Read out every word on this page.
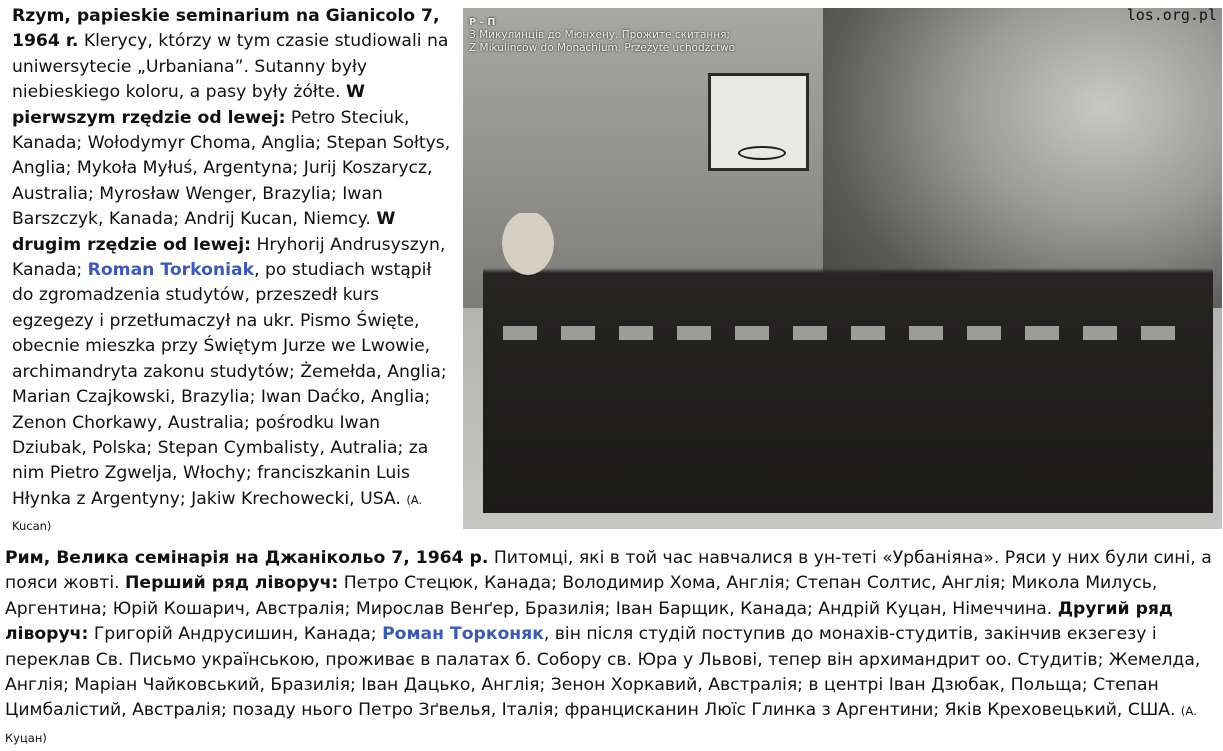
Rzym, papieskie seminarium na Gianicolo 7, 1964 r. Klerycy, którzy w tym czasie studiowali na uniwersytecie „Urbaniana”. Sutanny były niebieskiego koloru, a pasy były żółte. W pierwszym rzędzie od lewej: Petro Steciuk, Kanada; Wołodymyr Choma, Anglia; Stepan Sołtys, Anglia; Mykoła Myłuś, Argentyna; Jurij Koszarycz, Australia; Myrosław Wenger, Brazylia; Iwan Barszczyk, Kanada; Andrij Kucan, Niemcy. W drugim rzędzie od lewej: Hryhorij Andrusyszyn, Kanada; Roman Torkoniak, po studiach wstąpił do zgromadzenia studytów, przeszedł kurs egzegezy i przetłumaczył na ukr. Pismo Święte, obecnie mieszka przy Świętym Jurze we Lwowie, archimandryta zakonu studytów; Żemełda, Anglia; Marian Czajkowski, Brazylia; Iwan Daćko, Anglia; Zenon Chorkawy, Australia; pośrodku Iwan Dziubak, Polska; Stepan Cymbalisty, Autralia; za nim Pietro Zgwelja, Włochy; franciszkanin Luis Hłynka z Argentyny; Jakiw Krechowecki, USA. (A. Kucan)
Р – П
З Микулинців до Мюнхену. Прожите скитання;
Z Mikulinców do Monachium. Przeżyte uchodźctwo
los.org.pl
Рим, Велика семінарія на Джанікольо 7, 1964 р. Питомці, які в той час навчалися в ун-теті «Урбаніяна». Ряси у них були сині, а пояси жовті. Перший ряд ліворуч: Петро Стецюк, Канада; Володимир Хома, Англія; Степан Солтис, Англія; Микола Милусь, Аргентина; Юрій Кошарич, Австралія; Мирослав Венґер, Бразилія; Іван Барщик, Канада; Андрій Куцан, Німеччина. Другий ряд ліворуч: Григорій Андрусишин, Канада; Роман Торконяк, він після студій поступив до монахів-студитів, закінчив екзегезу і переклав Св. Письмо українською, проживає в палатах б. Собору св. Юра у Львові, тепер він архимандрит оо. Студитів; Жемелда, Англія; Маріан Чайковський, Бразилія; Іван Дацько, Англія; Зенон Хоркавий, Австралія; в центрі Іван Дзюбак, Польща; Степан Цимбалістий, Австралія; позаду нього Петро Зґвелья, Італія; францисканин Люїс Глинка з Аргентини; Яків Креховецький, США. (А. Куцан)
